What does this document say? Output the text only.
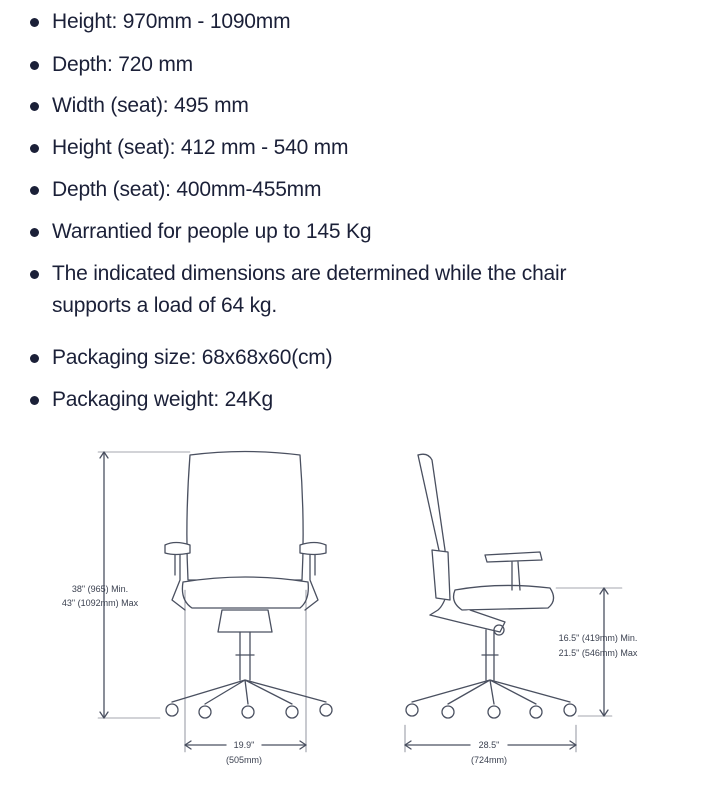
Height: 970mm - 1090mm
Depth: 720 mm
Width (seat): 495 mm
Height (seat): 412 mm - 540 mm
Depth (seat): 400mm-455mm
Warrantied for people up to 145 Kg
The indicated dimensions are determined while the chair
supports a load of 64 kg.
Packaging size: 68x68x60(cm)
Packaging weight: 24Kg
38" (965) Min.
43" (1092mm) Max
19.9"
(505mm)
16.5" (419mm) Min.
21.5" (546mm) Max
28.5"
(724mm)
